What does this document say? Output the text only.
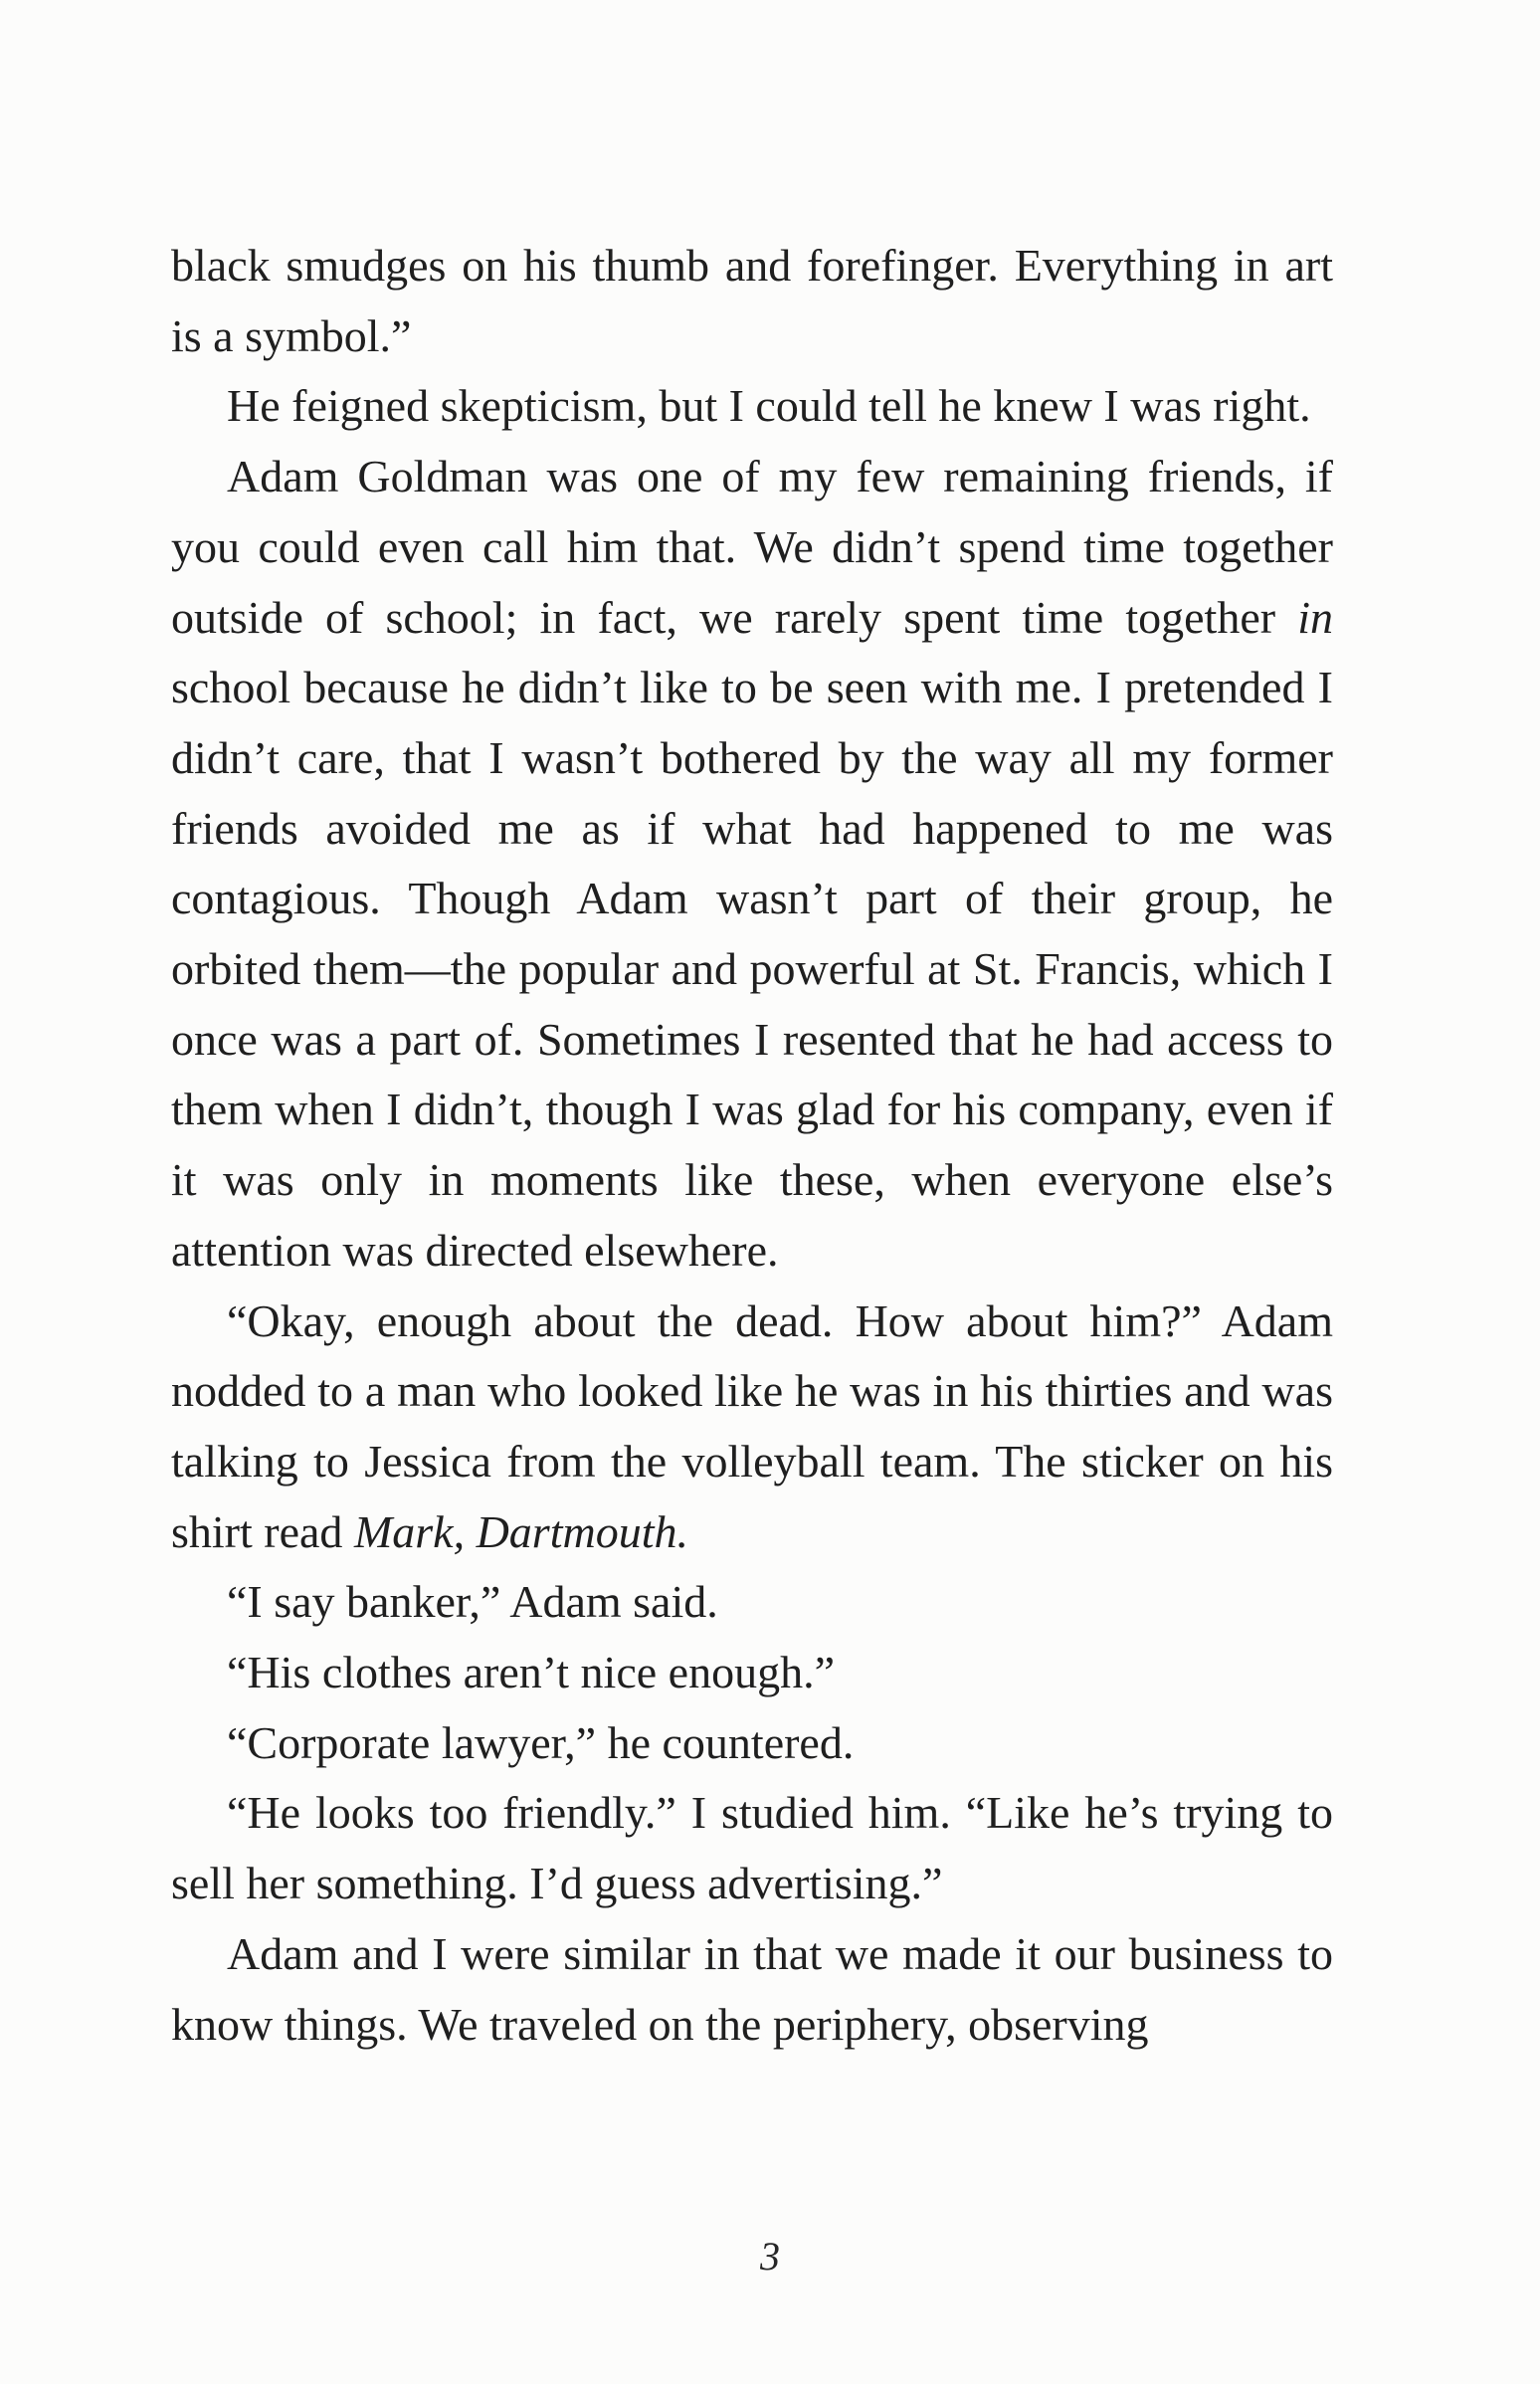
black smudges on his thumb and forefinger. Everything in art is a symbol.”

He feigned skepticism, but I could tell he knew I was right.

Adam Goldman was one of my few remaining friends, if you could even call him that. We didn’t spend time together outside of school; in fact, we rarely spent time together in school because he didn’t like to be seen with me. I pretended I didn’t care, that I wasn’t bothered by the way all my former friends avoided me as if what had happened to me was contagious. Though Adam wasn’t part of their group, he orbited them—the popular and powerful at St. Francis, which I once was a part of. Sometimes I resented that he had access to them when I didn’t, though I was glad for his company, even if it was only in moments like these, when everyone else’s attention was directed elsewhere.

“Okay, enough about the dead. How about him?” Adam nodded to a man who looked like he was in his thirties and was talking to Jessica from the volleyball team. The sticker on his shirt read Mark, Dartmouth.

“I say banker,” Adam said.

“His clothes aren’t nice enough.”

“Corporate lawyer,” he countered.

“He looks too friendly.” I studied him. “Like he’s trying to sell her something. I’d guess advertising.”

Adam and I were similar in that we made it our business to know things. We traveled on the periphery, observing

3
